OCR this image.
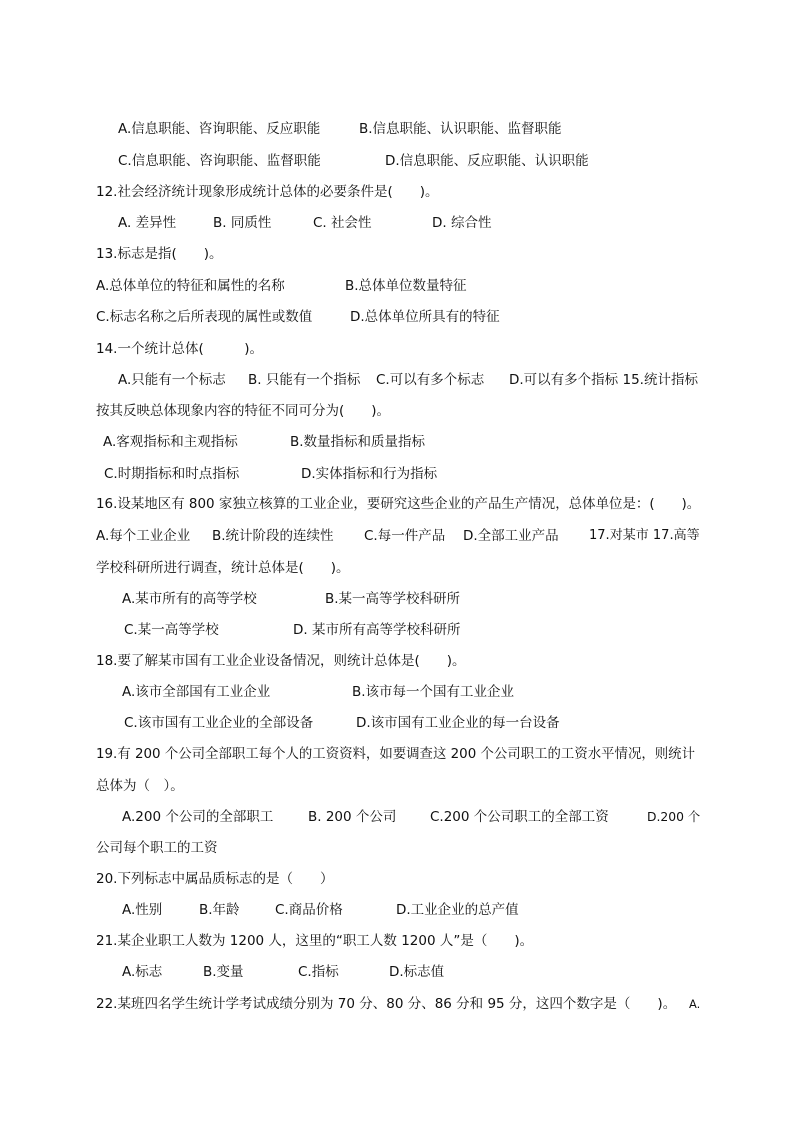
A.信息职能、咨询职能、反应职能	B.信息职能、认识职能、监督职能
C.信息职能、咨询职能、监督职能	D.信息职能、反应职能、认识职能
12.社会经济统计现象形成统计总体的必要条件是(　　)。
A. 差异性	B. 同质性	C. 社会性	D. 综合性
13.标志是指(　　)。
A.总体单位的特征和属性的名称	B.总体单位数量特征
C.标志名称之后所表现的属性或数值	D.总体单位所具有的特征
14.一个统计总体(　　　)。
A.只能有一个标志 B. 只能有一个指标 C.可以有多个标志 D.可以有多个指标 15.统计指标
按其反映总体现象内容的特征不同可分为(　　)。
A.客观指标和主观指标	B.数量指标和质量指标
C.时期指标和时点指标	D.实体指标和行为指标
16.设某地区有 800 家独立核算的工业企业，要研究这些企业的产品生产情况，总体单位是：(　　)。
A.每个工业企业 B.统计阶段的连续性 C.每一件产品 D.全部工业产品 17.对某市 17.高等
学校科研所进行调查，统计总体是(　　)。
A.某市所有的高等学校	B.某一高等学校科研所
C.某一高等学校	D. 某市所有高等学校科研所
18.要了解某市国有工业企业设备情况，则统计总体是(　　)。
A.该市全部国有工业企业	B.该市每一个国有工业企业
C.该市国有工业企业的全部设备	D.该市国有工业企业的每一台设备
19.有 200 个公司全部职工每个人的工资资料，如要调查这 200 个公司职工的工资水平情况，则统计
总体为（　）。
A.200 个公司的全部职工	B. 200 个公司 C.200 个公司职工的全部工资	D.200 个
公司每个职工的工资
20.下列标志中属品质标志的是（　　）
A.性别	B.年龄	C.商品价格	D.工业企业的总产值
21.某企业职工人数为 1200 人，这里的“职工人数 1200 人”是（　　)。
A.标志	B.变量	C.指标	D.标志值
22.某班四名学生统计学考试成绩分别为 70 分、80 分、86 分和 95 分，这四个数字是（　　)。 A.
